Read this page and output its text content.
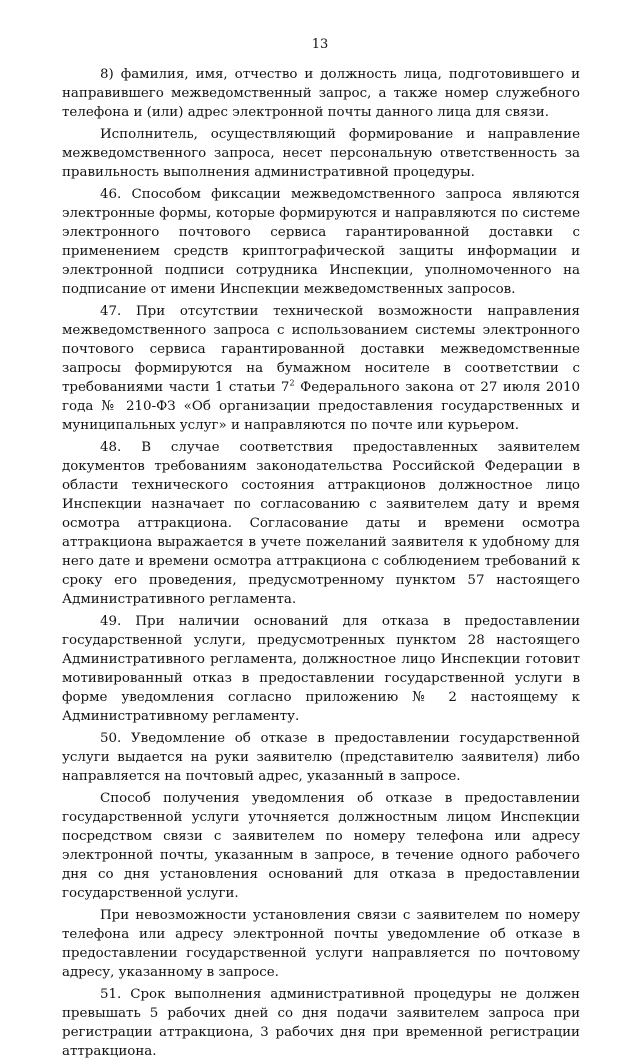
13

8) фамилия, имя, отчество и должность лица, подготовившего и направившего межведомственный запрос, а также номер служебного телефона и (или) адрес электронной почты данного лица для связи.

Исполнитель, осуществляющий формирование и направление межведомственного запроса, несет персональную ответственность за правильность выполнения административной процедуры.

46. Способом фиксации межведомственного запроса являются электронные формы, которые формируются и направляются по системе электронного почтового сервиса гарантированной доставки с применением средств криптографической защиты информации и электронной подписи сотрудника Инспекции, уполномоченного на подписание от имени Инспекции межведомственных запросов.

47. При отсутствии технической возможности направления межведомственного запроса с использованием системы электронного почтового сервиса гарантированной доставки межведомственные запросы формируются на бумажном носителе в соответствии с требованиями части 1 статьи $7^2$ Федерального закона от 27 июля 2010 года № 210-ФЗ «Об организации предоставления государственных и муниципальных услуг» и направляются по почте или курьером.

48. В случае соответствия предоставленных заявителем документов требованиям законодательства Российской Федерации в области технического состояния аттракционов должностное лицо Инспекции назначает по согласованию с заявителем дату и время осмотра аттракциона. Согласование даты и времени осмотра аттракциона выражается в учете пожеланий заявителя к удобному для него дате и времени осмотра аттракциона с соблюдением требований к сроку его проведения, предусмотренному пунктом 57 настоящего Административного регламента.

49. При наличии оснований для отказа в предоставлении государственной услуги, предусмотренных пунктом 28 настоящего Административного регламента, должностное лицо Инспекции готовит мотивированный отказ в предоставлении государственной услуги в форме уведомления согласно приложению № 2 настоящему к Административному регламенту.

50. Уведомление об отказе в предоставлении государственной услуги выдается на руки заявителю (представителю заявителя) либо направляется на почтовый адрес, указанный в запросе.

Способ получения уведомления об отказе в предоставлении государственной услуги уточняется должностным лицом Инспекции посредством связи с заявителем по номеру телефона или адресу электронной почты, указанным в запросе, в течение одного рабочего дня со дня установления оснований для отказа в предоставлении государственной услуги.

При невозможности установления связи с заявителем по номеру телефона или адресу электронной почты уведомление об отказе в предоставлении государственной услуги направляется по почтовому адресу, указанному в запросе.

51. Срок выполнения административной процедуры не должен превышать 5 рабочих дней со дня подачи заявителем запроса при регистрации аттракциона, 3 рабочих дня при временной регистрации аттракциона.
